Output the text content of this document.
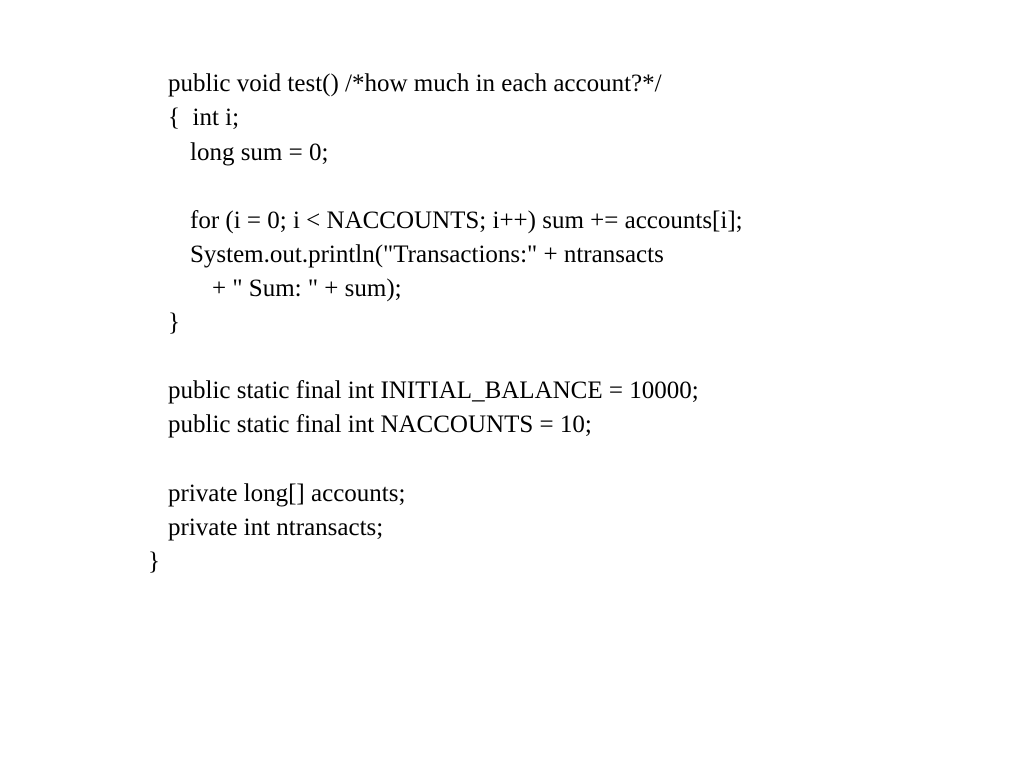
public void test() /*how much in each account?*/
{  int i;
long sum = 0;
for (i = 0; i < NACCOUNTS; i++) sum += accounts[i];
System.out.println("Transactions:" + ntransacts
+ " Sum: " + sum);
}
public static final int INITIAL_BALANCE = 10000;
public static final int NACCOUNTS = 10;
private long[] accounts;
private int ntransacts;
}
